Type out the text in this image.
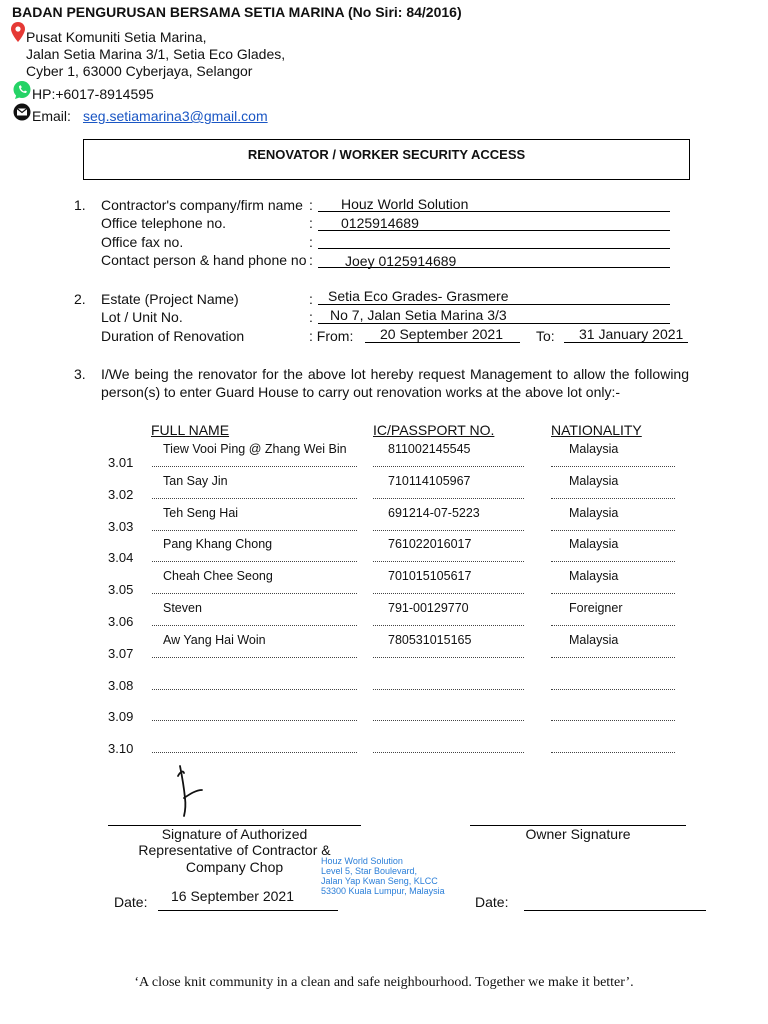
BADAN PENGURUSAN BERSAMA SETIA MARINA (No Siri: 84/2016)
Pusat Komuniti Setia Marina,
Jalan Setia Marina 3/1, Setia Eco Glades,
Cyber 1, 63000 Cyberjaya, Selangor
HP:+6017-8914595
Email: seg.setiamarina3@gmail.com
RENOVATOR / WORKER SECURITY ACCESS
1. Contractor's company/firm name : Houz World Solution
Office telephone no.	: 0125914689
Office fax no.	:
Contact person & hand phone no : Joey 0125914689
2. Estate (Project Name)	: Setia Eco Grades- Grasmere
Lot / Unit No.	: No 7, Jalan Setia Marina 3/3
Duration of Renovation	: From: 20 September 2021 To: 31 January 2021
3. I/We being the renovator for the above lot hereby request Management to allow the following
person(s) to enter Guard House to carry out renovation works at the above lot only:-
FULL NAME	IC/PASSPORT NO.	NATIONALITY
3.01
Tiew Vooi Ping @ Zhang Wei Bin	811002145545	Malaysia
3.02
Tan Say Jin	710114105967	Malaysia
3.03
Teh Seng Hai	691214-07-5223	Malaysia
3.04
Pang Khang Chong	761022016017	Malaysia
3.05
Cheah Chee Seong	701015105617	Malaysia
3.06
Steven	791-00129770	Foreigner
3.07
Aw Yang Hai Woin	780531015165	Malaysia
3.08
3.09
3.10
Signature of Authorized
Representative of Contractor &
Company Chop	Houz World Solution
Level 5, Star Boulevard,
Jalan Yap Kwan Seng, KLCC
53300 Kuala Lumpur, Malaysia
Owner Signature
Date: 16 September 2021	Date:
‘A close knit community in a clean and safe neighbourhood. Together we make it better’.
